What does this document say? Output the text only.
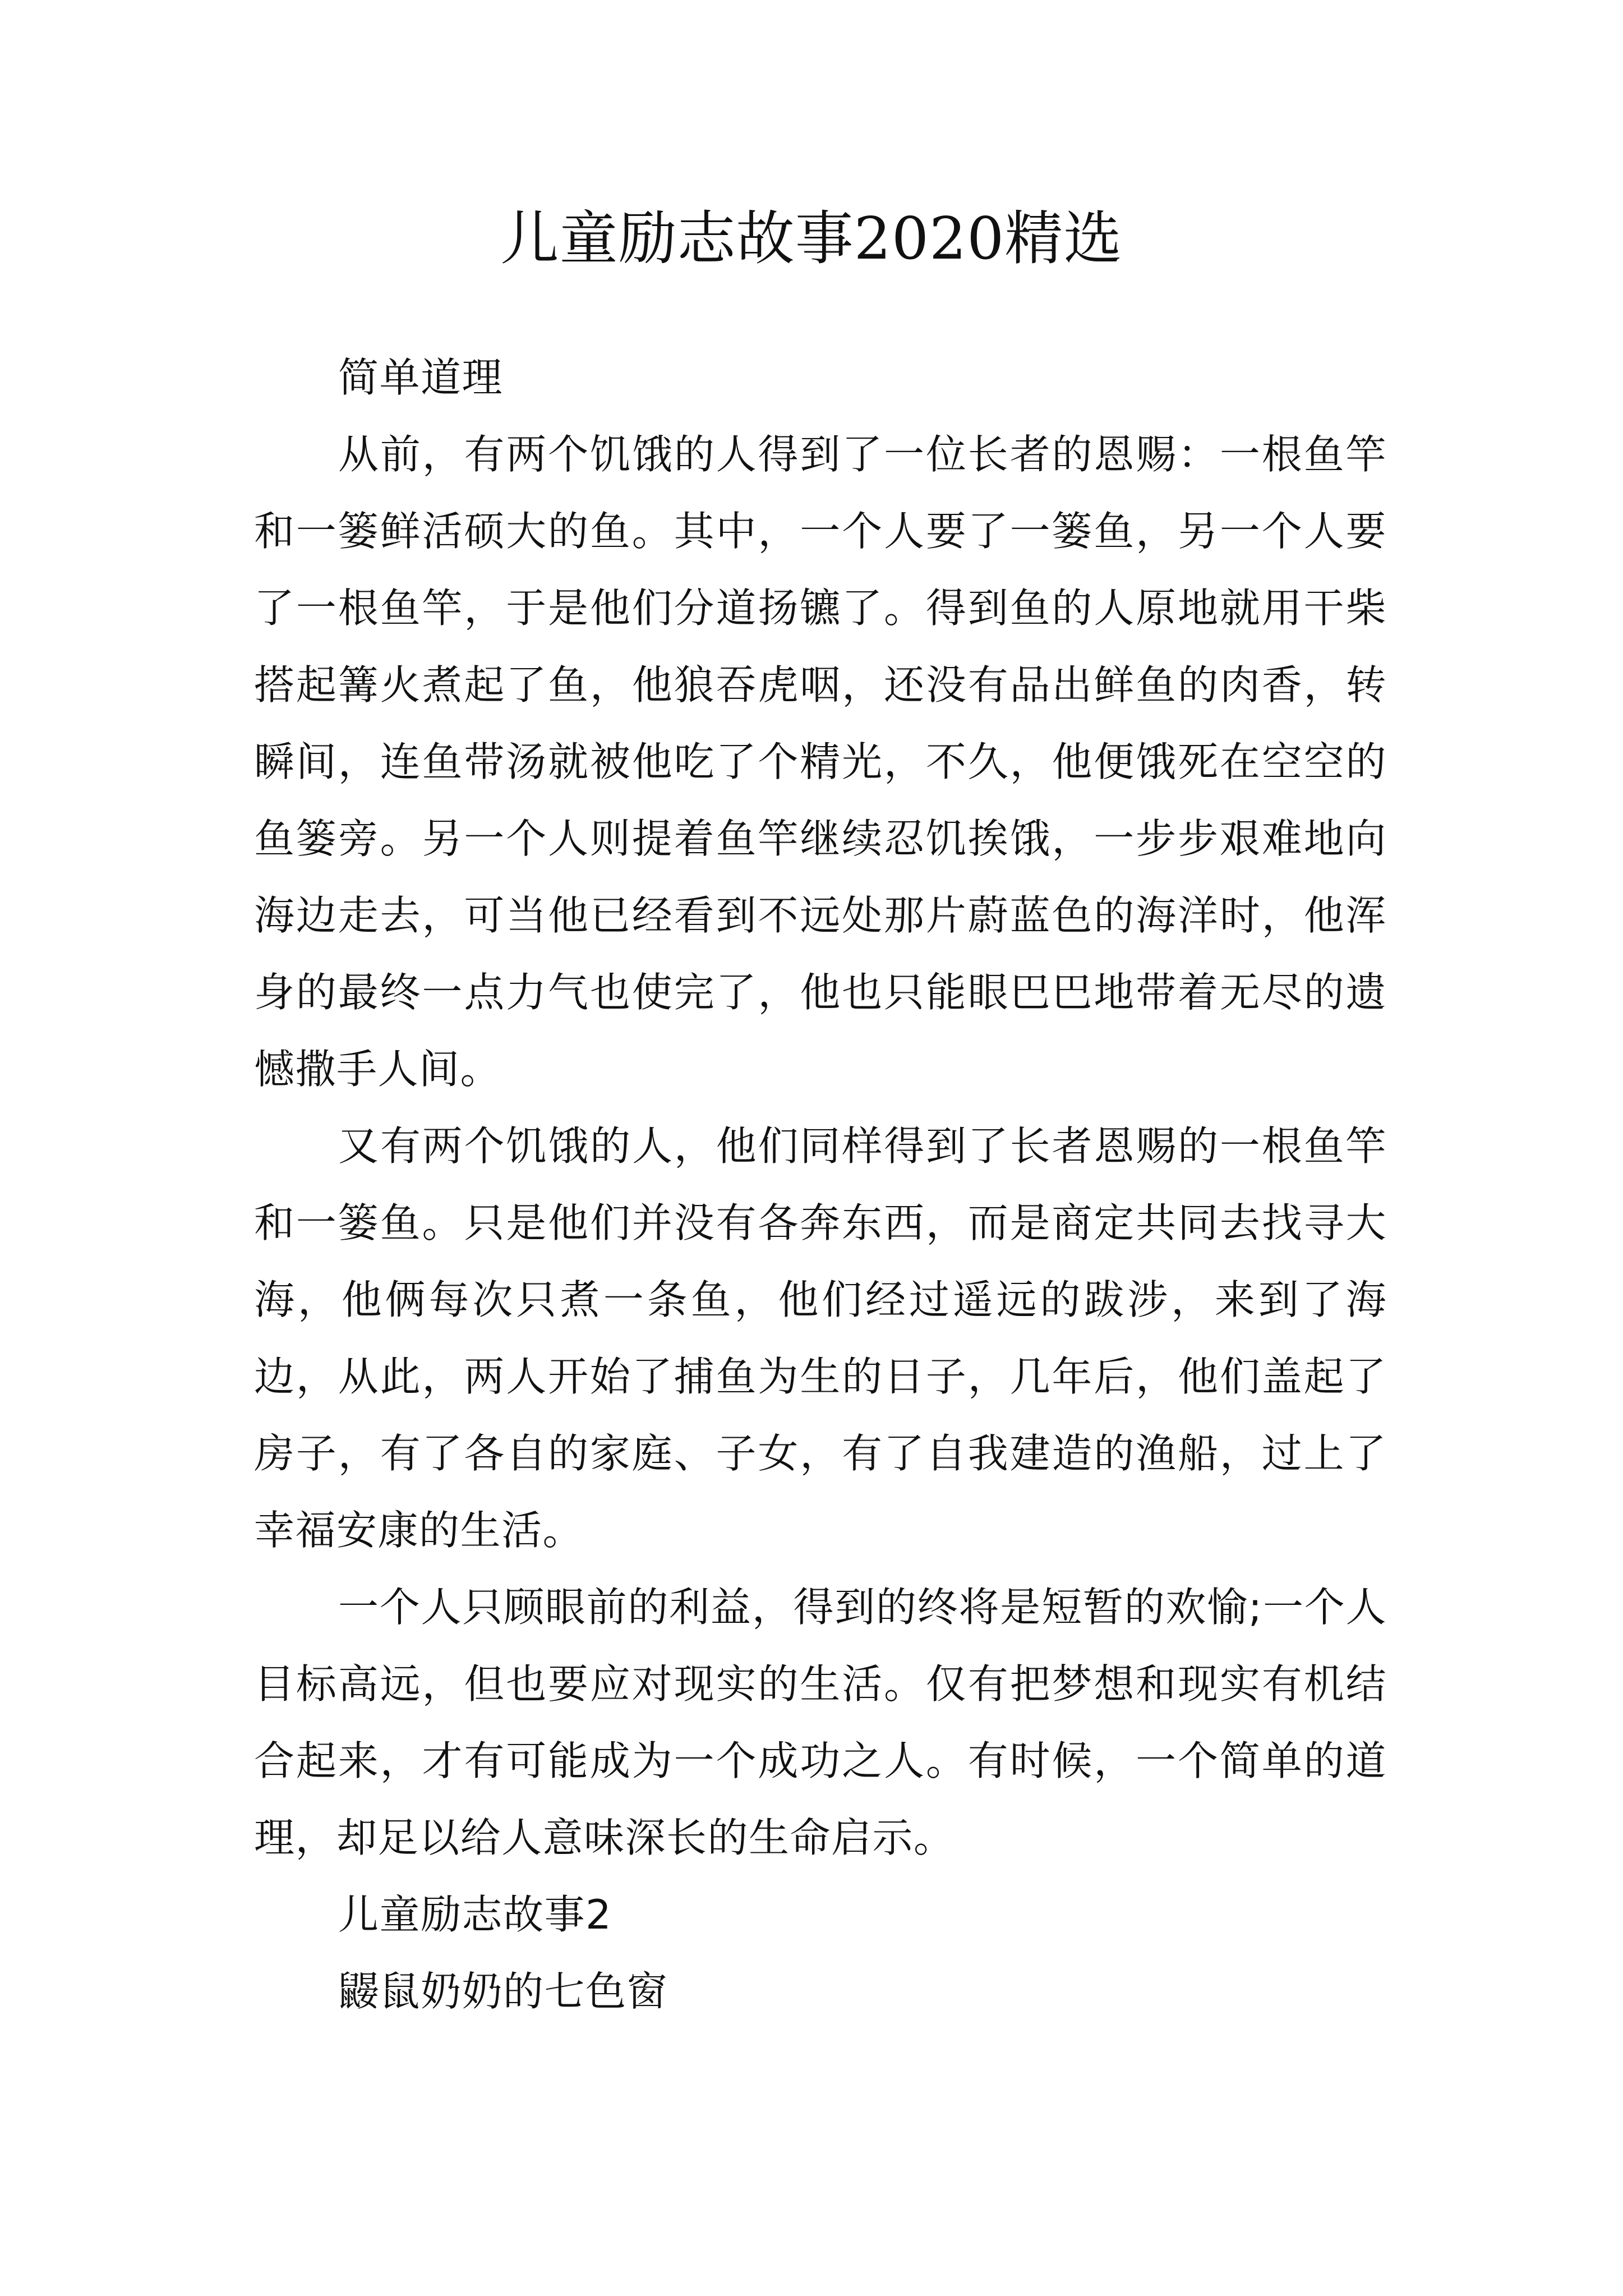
儿童励志故事2020精选

简单道理

从前，有两个饥饿的人得到了一位长者的恩赐：一根鱼竿和一篓鲜活硕大的鱼。其中，一个人要了一篓鱼，另一个人要了一根鱼竿，于是他们分道扬镳了。得到鱼的人原地就用干柴搭起篝火煮起了鱼，他狼吞虎咽，还没有品出鲜鱼的肉香，转瞬间，连鱼带汤就被他吃了个精光，不久，他便饿死在空空的鱼篓旁。另一个人则提着鱼竿继续忍饥挨饿，一步步艰难地向海边走去，可当他已经看到不远处那片蔚蓝色的海洋时，他浑身的最终一点力气也使完了，他也只能眼巴巴地带着无尽的遗憾撒手人间。

又有两个饥饿的人，他们同样得到了长者恩赐的一根鱼竿和一篓鱼。只是他们并没有各奔东西，而是商定共同去找寻大海，他俩每次只煮一条鱼，他们经过遥远的跋涉，来到了海边，从此，两人开始了捕鱼为生的日子，几年后，他们盖起了房子，有了各自的家庭、子女，有了自我建造的渔船，过上了幸福安康的生活。

一个人只顾眼前的利益，得到的终将是短暂的欢愉;一个人目标高远，但也要应对现实的生活。仅有把梦想和现实有机结合起来，才有可能成为一个成功之人。有时候，一个简单的道理，却足以给人意味深长的生命启示。

儿童励志故事2

鼹鼠奶奶的七色窗
